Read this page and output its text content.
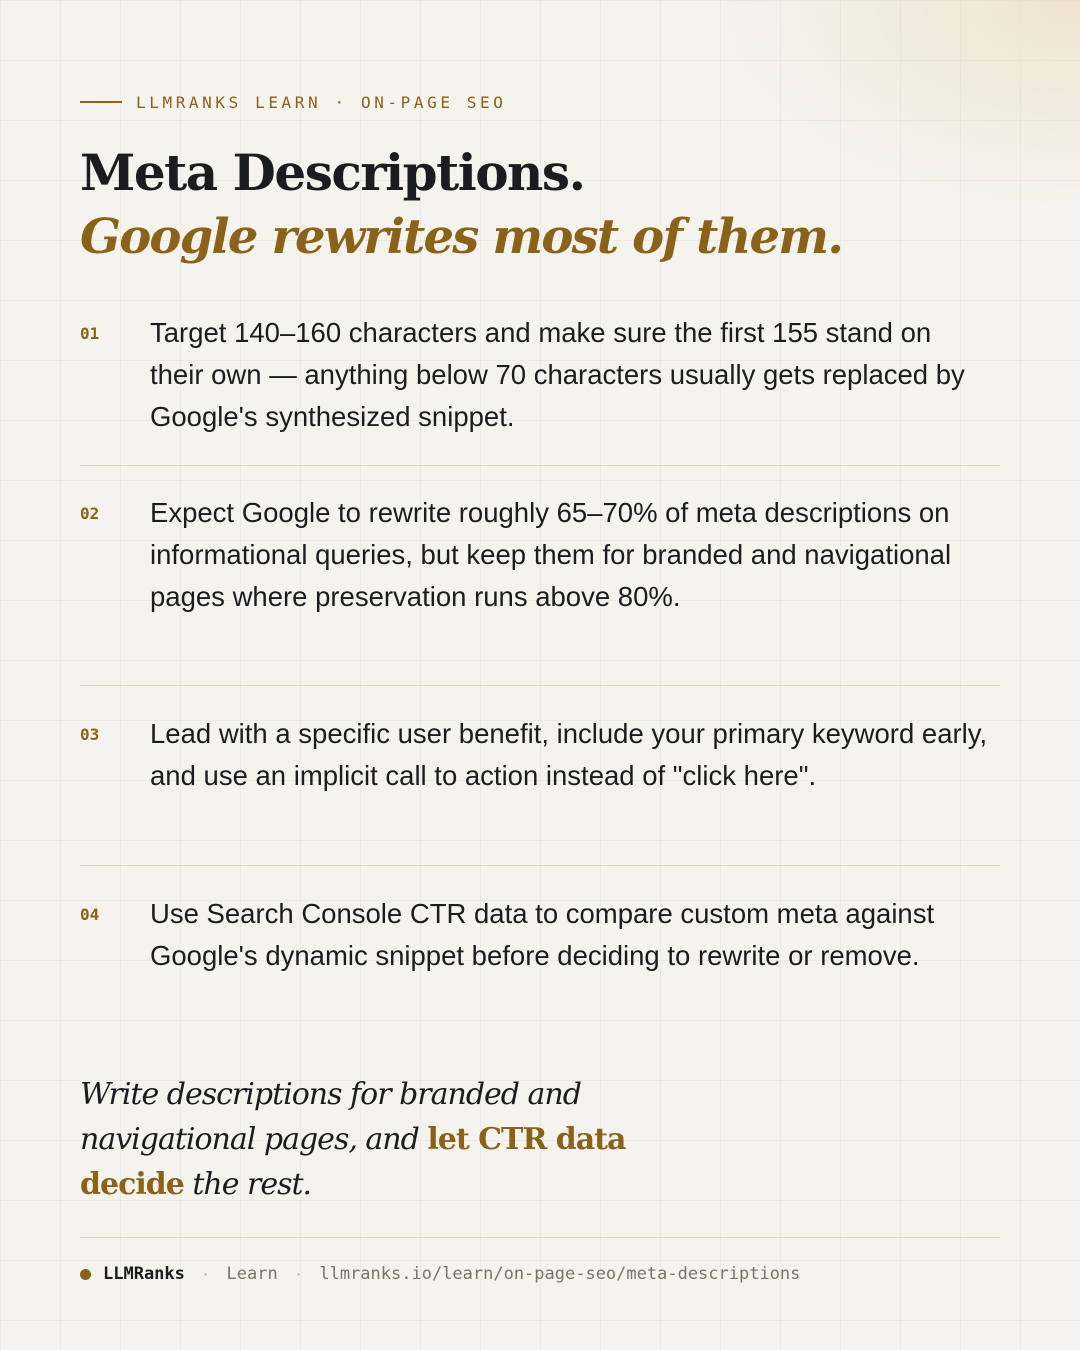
LLMRANKS LEARN · ON-PAGE SEO
Meta Descriptions.
Google rewrites most of them.
01 Target 140–160 characters and make sure the first 155 stand on their own — anything below 70 characters usually gets replaced by Google's synthesized snippet.

02 Expect Google to rewrite roughly 65–70% of meta descriptions on informational queries, but keep them for branded and navigational pages where preservation runs above 80%.

03 Lead with a specific user benefit, include your primary keyword early, and use an implicit call to action instead of "click here".

04 Use Search Console CTR data to compare custom meta against Google's dynamic snippet before deciding to rewrite or remove.

Write descriptions for branded and navigational pages, and let CTR data decide the rest.

LLMRanks · Learn · llmranks.io/learn/on-page-seo/meta-descriptions
